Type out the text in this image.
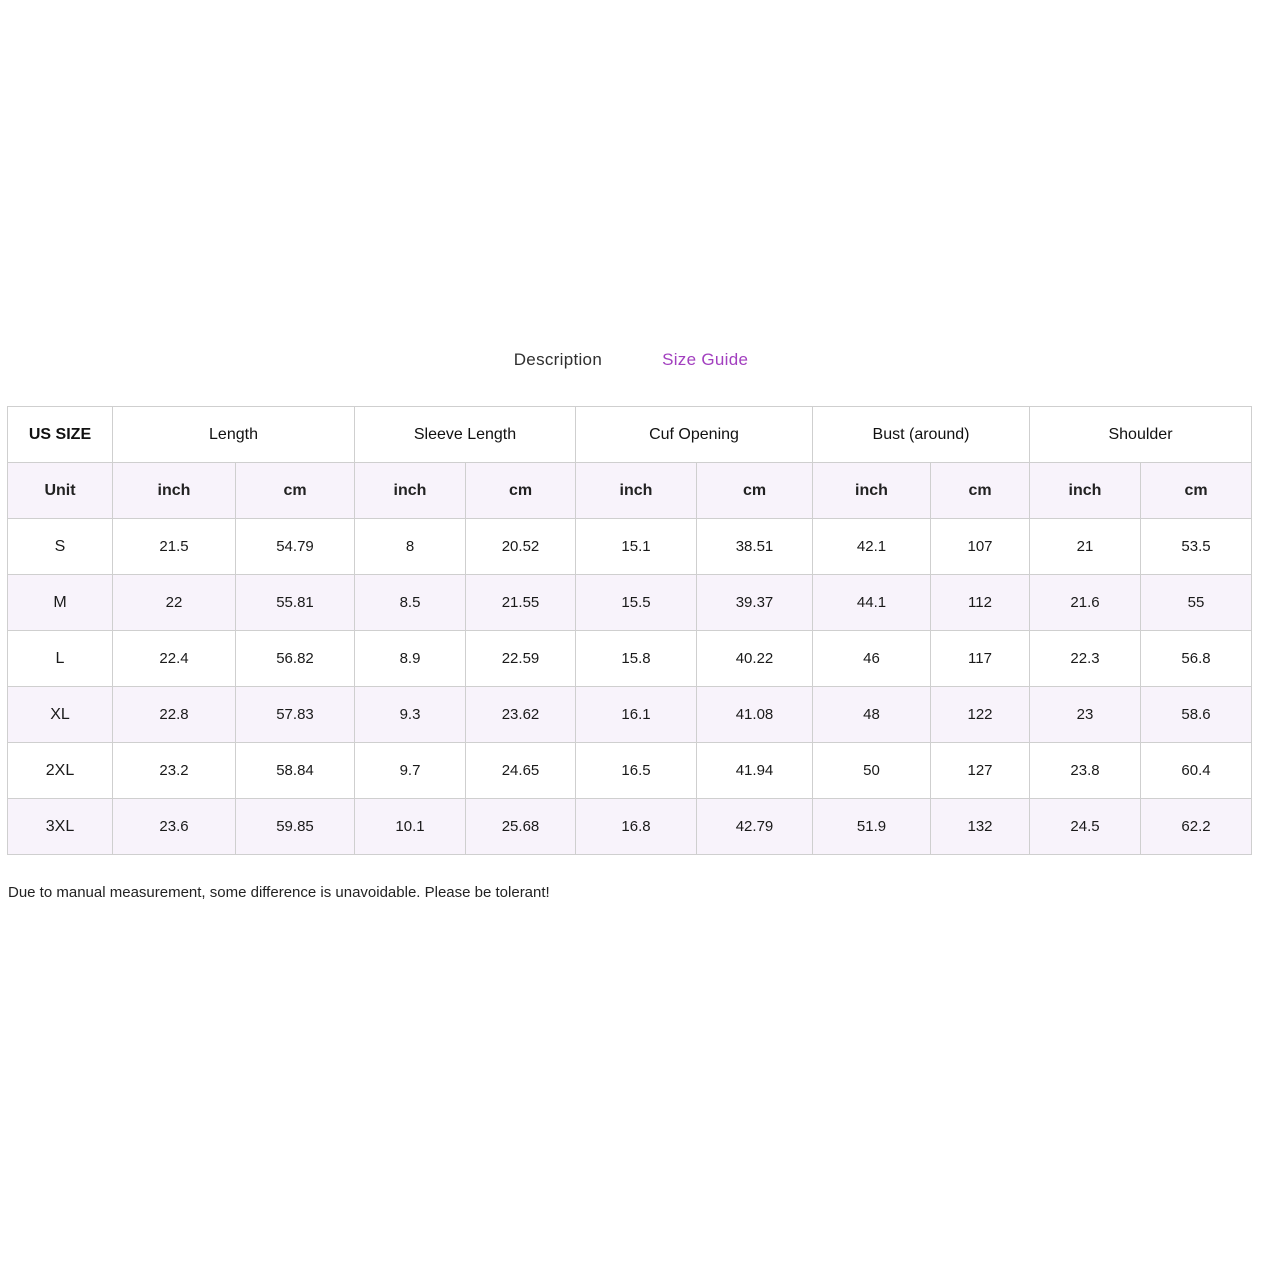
Description	Size Guide
US SIZE	Length		Sleeve Length		Cuf Opening		Bust (around)		Shoulder	
Unit	inch	cm	inch	cm	inch	cm	inch	cm	inch	cm
S	21.5	54.79	8	20.52	15.1	38.51	42.1	107	21	53.5
M	22	55.81	8.5	21.55	15.5	39.37	44.1	112	21.6	55
L	22.4	56.82	8.9	22.59	15.8	40.22	46	117	22.3	56.8
XL	22.8	57.83	9.3	23.62	16.1	41.08	48	122	23	58.6
2XL	23.2	58.84	9.7	24.65	16.5	41.94	50	127	23.8	60.4
3XL	23.6	59.85	10.1	25.68	16.8	42.79	51.9	132	24.5	62.2
Due to manual measurement, some difference is unavoidable. Please be tolerant!
